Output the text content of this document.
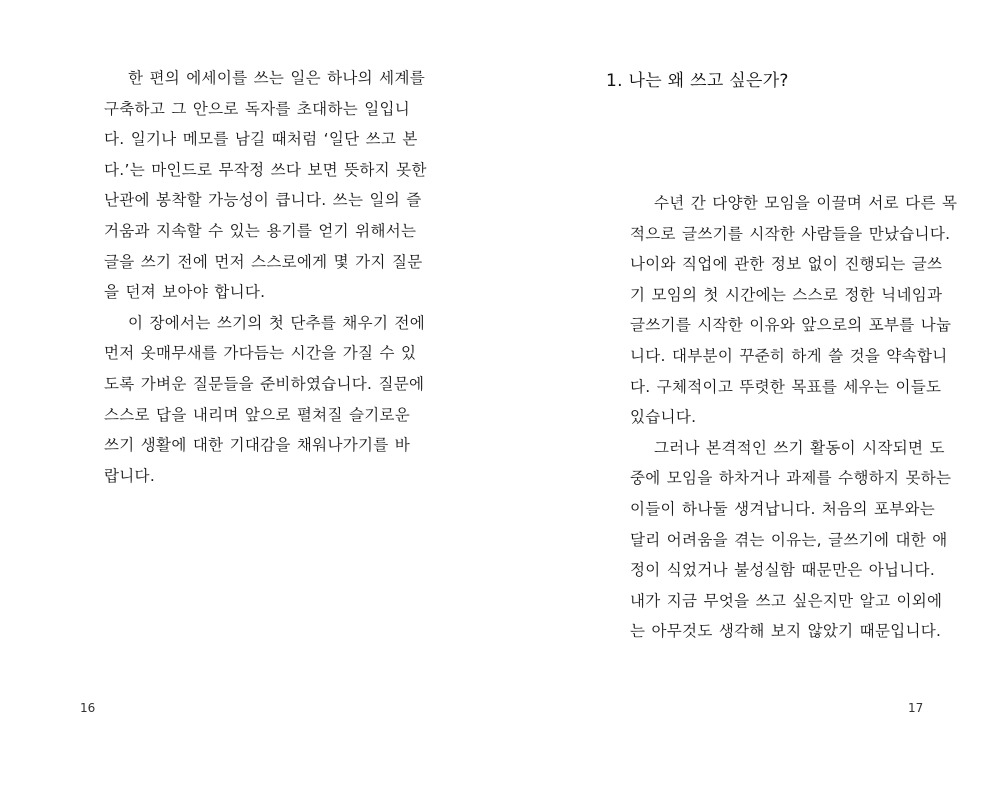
한 편의 에세이를 쓰는 일은 하나의 세계를
구축하고 그 안으로 독자를 초대하는 일입니
다. 일기나 메모를 남길 때처럼 ‘일단 쓰고 본
다.’는 마인드로 무작정 쓰다 보면 뜻하지 못한
난관에 봉착할 가능성이 큽니다. 쓰는 일의 즐
거움과 지속할 수 있는 용기를 얻기 위해서는
글을 쓰기 전에 먼저 스스로에게 몇 가지 질문
을 던져 보아야 합니다.
이 장에서는 쓰기의 첫 단추를 채우기 전에
먼저 옷매무새를 가다듬는 시간을 가질 수 있
도록 가벼운 질문들을 준비하였습니다. 질문에
스스로 답을 내리며 앞으로 펼쳐질 슬기로운
쓰기 생활에 대한 기대감을 채워나가기를 바
랍니다.
16
1. 나는 왜 쓰고 싶은가?
수년 간 다양한 모임을 이끌며 서로 다른 목
적으로 글쓰기를 시작한 사람들을 만났습니다.
나이와 직업에 관한 정보 없이 진행되는 글쓰
기 모임의 첫 시간에는 스스로 정한 닉네임과
글쓰기를 시작한 이유와 앞으로의 포부를 나눕
니다. 대부분이 꾸준히 하게 쓸 것을 약속합니
다. 구체적이고 뚜렷한 목표를 세우는 이들도
있습니다.
그러나 본격적인 쓰기 활동이 시작되면 도
중에 모임을 하차거나 과제를 수행하지 못하는
이들이 하나둘 생겨납니다. 처음의 포부와는
달리 어려움을 겪는 이유는, 글쓰기에 대한 애
정이 식었거나 불성실함 때문만은 아닙니다.
내가 지금 무엇을 쓰고 싶은지만 알고 이외에
는 아무것도 생각해 보지 않았기 때문입니다.
17
